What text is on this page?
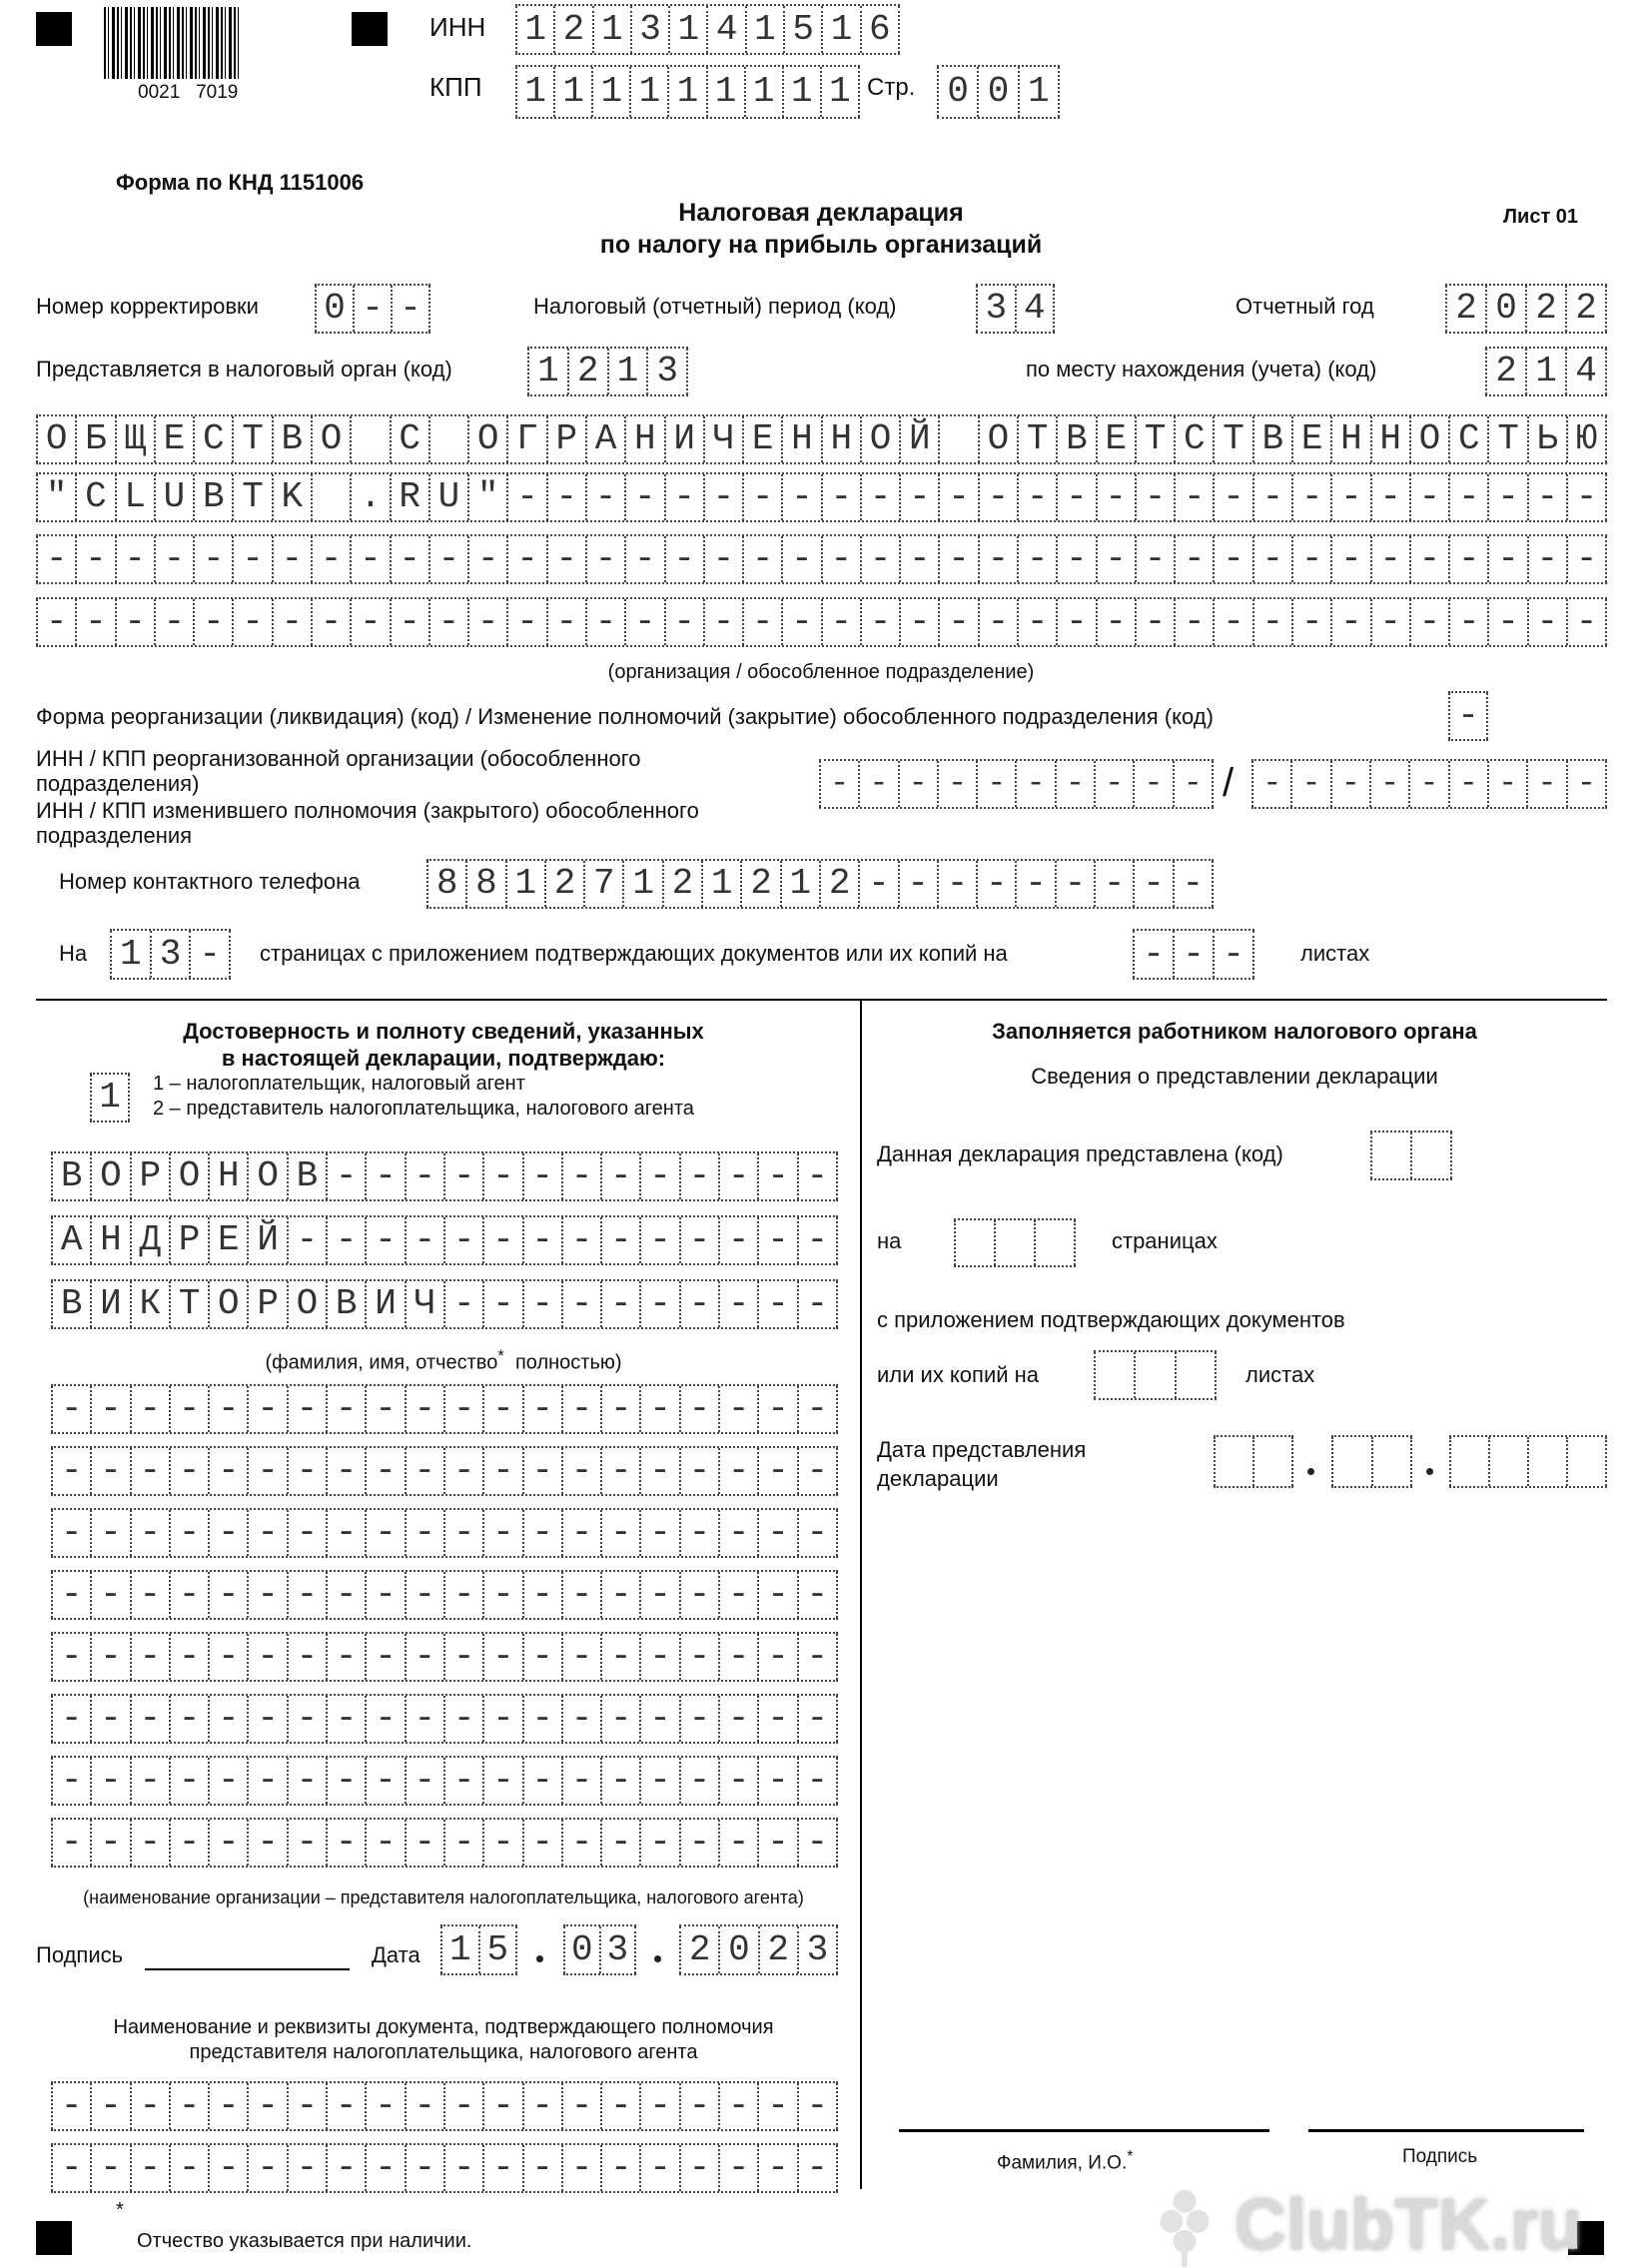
0021   7019
ИНН 1 2 1 3 1 4 1 5 1 6
КПП 1 1 1 1 1 1 1 1 1 Стр. 0 0 1
Форма по КНД 1151006
Налоговая декларация
по налогу на прибыль организаций
Лист 01
Номер корректировки 0 - -	Налоговый (отчетный) период (код) 3 4	Отчетный год 2 0 2 2
Представляется в налоговый орган (код) 1 2 1 3	по месту нахождения (учета) (код)	2 1 4
О Б Щ Е С Т В О
С
О Г Р А Н И Ч Е Н Н О Й
О Т В Е Т С Т В Е Н Н О С Т Ь Ю
" C L U B T K
. R U " - - - - - - - - - - - - - - - - - - - - - - - - - - - -
- - - - - - - - - - - - - - - - - - - - - - - - - - - - - - - - - - - - - - - -
- - - - - - - - - - - - - - - - - - - - - - - - - - - - - - - - - - - - - - - -
(организация / обособленное подразделение)
Форма реорганизации (ликвидация) (код) / Изменение полномочий (закрытие) обособленного подразделения (код)	-
ИНН / КПП реорганизованной организации (обособленного
подразделения)
ИНН / КПП изменившего полномочия (закрытого) обособленного
подразделения
- - - - - - - - - - / - - - - - - - - -
Номер контактного телефона 8 8 1 2 7 1 2 1 2 1 2 - - - - - - - - -
На 1 3 -	страницах с приложением подтверждающих документов или их копий на	- - -	листах
Достоверность и полноту сведений, указанных
в настоящей декларации, подтверждаю:
1	1 – налогоплательщик, налоговый агент
2 – представитель налогоплательщика, налогового агента
В О Р О Н О В - - - - - - - - - - - - -
А Н Д Р Е Й - - - - - - - - - - - - - -
В И К Т О Р О В И Ч - - - - - - - - - -
(фамилия, имя, отчество* полностью)
- - - - - - - - - - - - - - - - - - - -
- - - - - - - - - - - - - - - - - - - -
- - - - - - - - - - - - - - - - - - - -
- - - - - - - - - - - - - - - - - - - -
- - - - - - - - - - - - - - - - - - - -
- - - - - - - - - - - - - - - - - - - -
- - - - - - - - - - - - - - - - - - - -
- - - - - - - - - - - - - - - - - - - -
(наименование организации – представителя налогоплательщика, налогового агента)
Подпись	Дата 1 5 0 3 2 0 2 3
Наименование и реквизиты документа, подтверждающего полномочия
представителя налогоплательщика, налогового агента
- - - - - - - - - - - - - - - - - - - -
- - - - - - - - - - - - - - - - - - - -
*
Отчество указывается при наличии.
Заполняется работником налогового органа
Сведения о представлении декларации
Данная декларация представлена (код)

на

	страницах
с приложением подтверждающих документов
или их копий на

	листах
Дата представления
декларации

Фамилия, И.О.*	Подпись
ClubTK.ru
